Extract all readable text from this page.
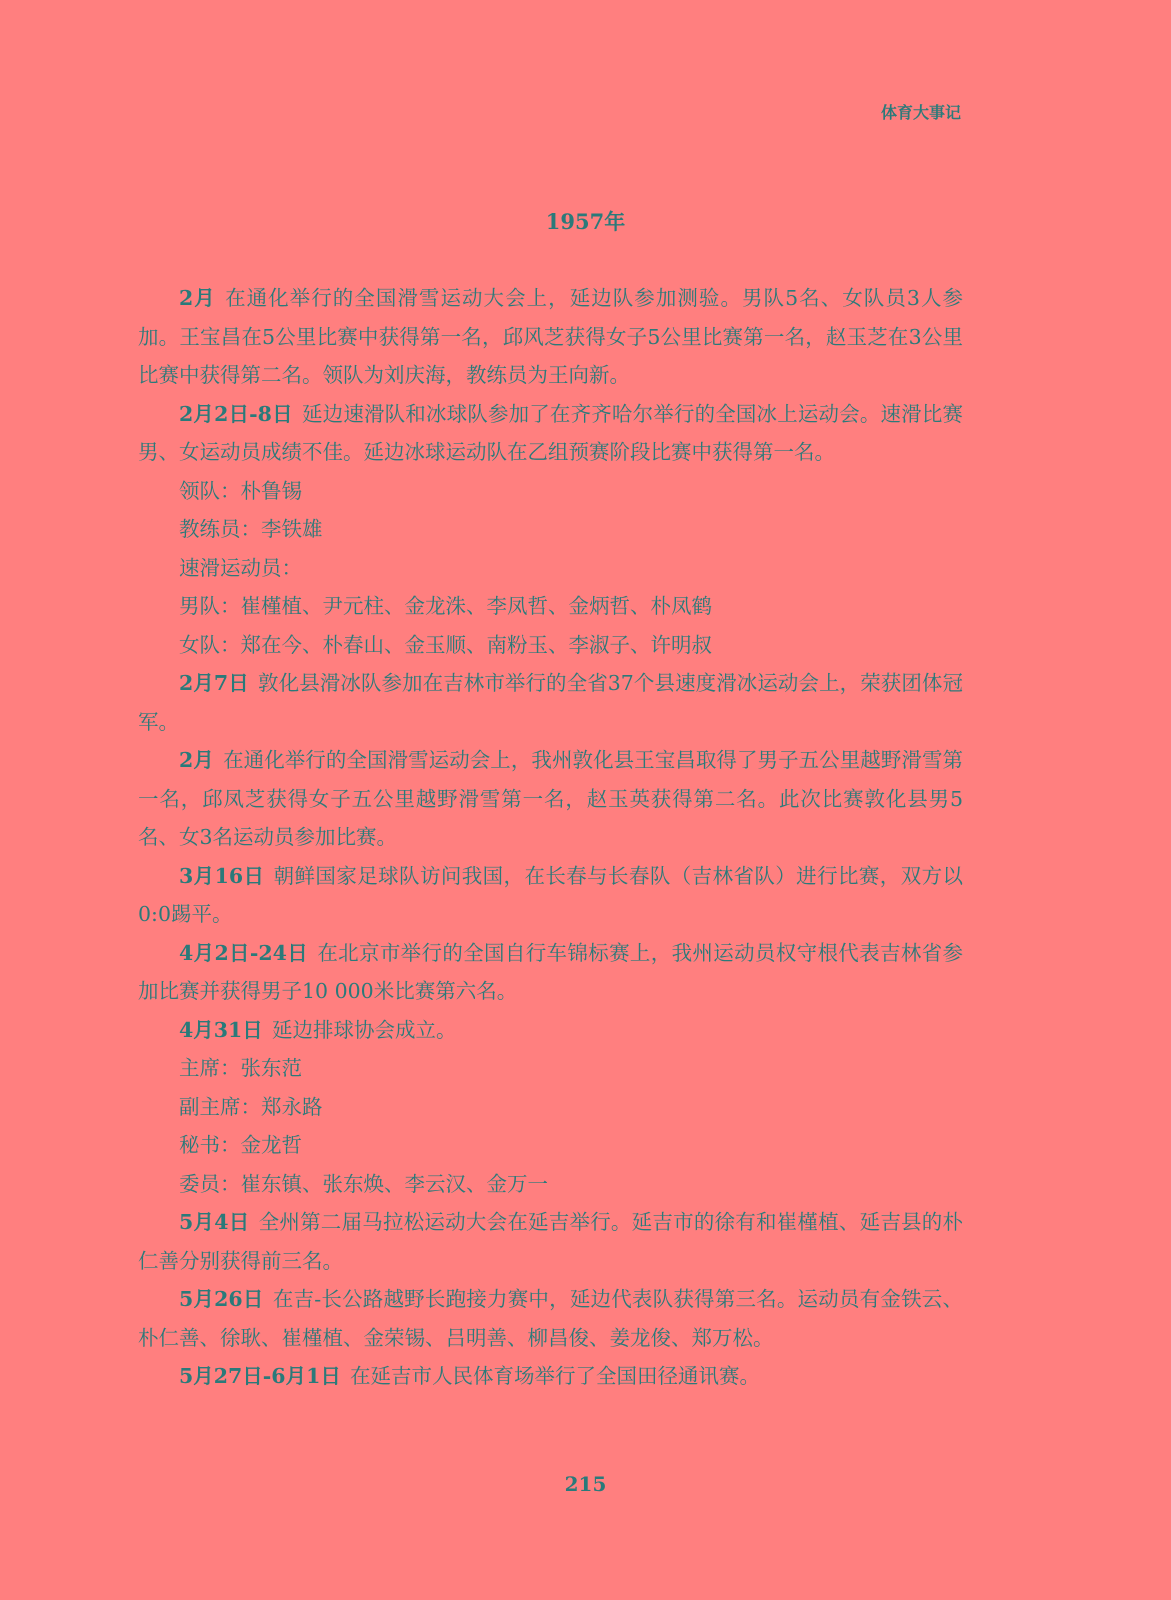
体育大事记
1957年

2月 在通化举行的全国滑雪运动大会上，延边队参加测验。男队5名、女队员3人参加。王宝昌在5公里比赛中获得第一名，邱风芝获得女子5公里比赛第一名，赵玉芝在3公里比赛中获得第二名。领队为刘庆海，教练员为王向新。

2月2日-8日 延边速滑队和冰球队参加了在齐齐哈尔举行的全国冰上运动会。速滑比赛男、女运动员成绩不佳。延边冰球运动队在乙组预赛阶段比赛中获得第一名。

领队：朴鲁锡

教练员：李铁雄

速滑运动员：

男队：崔槿植、尹元柱、金龙洙、李凤哲、金炳哲、朴凤鹤

女队：郑在今、朴春山、金玉顺、南粉玉、李淑子、许明叔

2月7日 敦化县滑冰队参加在吉林市举行的全省37个县速度滑冰运动会上，荣获团体冠军。

2月 在通化举行的全国滑雪运动会上，我州敦化县王宝昌取得了男子五公里越野滑雪第一名，邱凤芝获得女子五公里越野滑雪第一名，赵玉英获得第二名。此次比赛敦化县男5名、女3名运动员参加比赛。

3月16日 朝鲜国家足球队访问我国，在长春与长春队（吉林省队）进行比赛，双方以0:0踢平。

4月2日-24日 在北京市举行的全国自行车锦标赛上，我州运动员权守根代表吉林省参加比赛并获得男子10 000米比赛第六名。

4月31日 延边排球协会成立。

主席：张东范

副主席：郑永路

秘书：金龙哲

委员：崔东镇、张东焕、李云汉、金万一

5月4日 全州第二届马拉松运动大会在延吉举行。延吉市的徐有和崔槿植、延吉县的朴仁善分别获得前三名。

5月26日 在吉-长公路越野长跑接力赛中，延边代表队获得第三名。运动员有金铁云、朴仁善、徐耿、崔槿植、金荣锡、吕明善、柳昌俊、姜龙俊、郑万松。

5月27日-6月1日 在延吉市人民体育场举行了全国田径通讯赛。

215
